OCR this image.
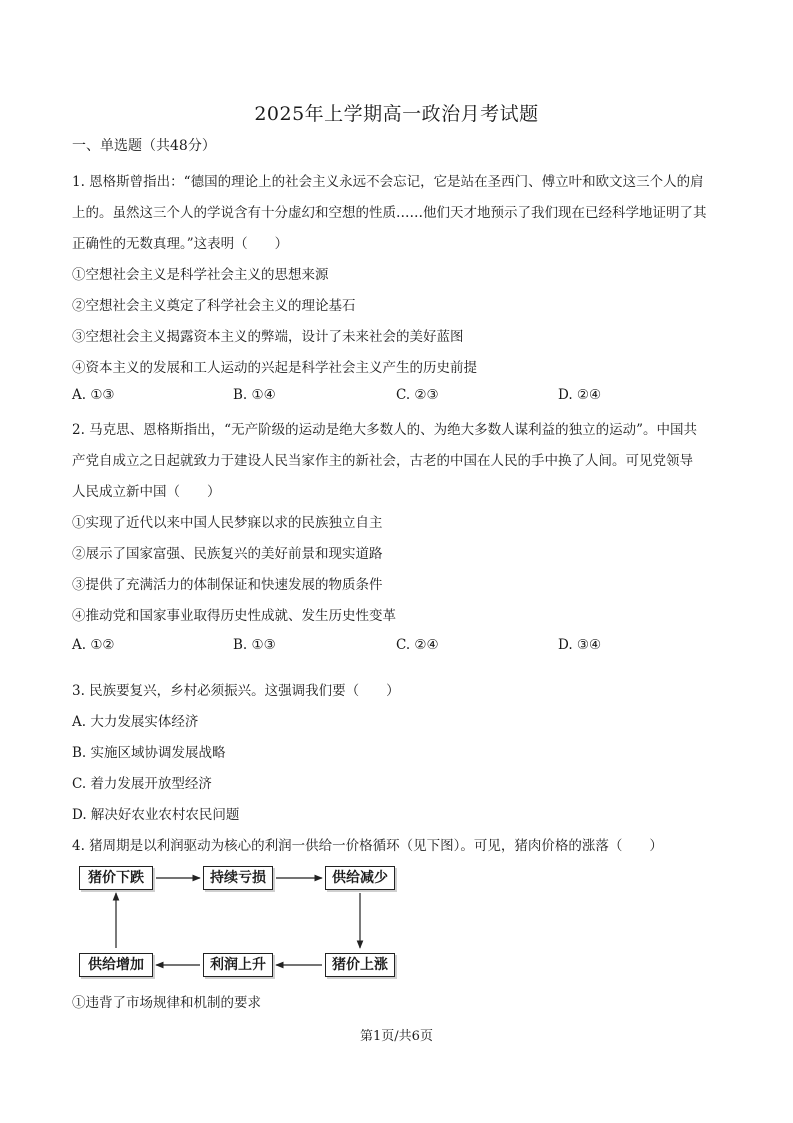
2025年上学期高一政治月考试题
一、单选题（共48分）
1. 恩格斯曾指出：“德国的理论上的社会主义永远不会忘记，它是站在圣西门、傅立叶和欧文这三个人的肩
上的。虽然这三个人的学说含有十分虚幻和空想的性质……他们天才地预示了我们现在已经科学地证明了其
正确性的无数真理。”这表明（　　）
①空想社会主义是科学社会主义的思想来源
②空想社会主义奠定了科学社会主义的理论基石
③空想社会主义揭露资本主义的弊端，设计了未来社会的美好蓝图
④资本主义的发展和工人运动的兴起是科学社会主义产生的历史前提
A. ①③	B. ①④	C. ②③	D. ②④
2. 马克思、恩格斯指出，“无产阶级的运动是绝大多数人的、为绝大多数人谋利益的独立的运动”。中国共
产党自成立之日起就致力于建设人民当家作主的新社会，古老的中国在人民的手中换了人间。可见党领导
人民成立新中国（　　）
①实现了近代以来中国人民梦寐以求的民族独立自主
②展示了国家富强、民族复兴的美好前景和现实道路
③提供了充满活力的体制保证和快速发展的物质条件
④推动党和国家事业取得历史性成就、发生历史性变革
A. ①②	B. ①③	C. ②④	D. ③④
3. 民族要复兴，乡村必须振兴。这强调我们要（　　）
A. 大力发展实体经济
B. 实施区域协调发展战略
C. 着力发展开放型经济
D. 解决好农业农村农民问题
4. 猪周期是以利润驱动为核心的利润一供给一价格循环（见下图）。可见，猪肉价格的涨落（　　）
猪价下跌	持续亏损	供给减少
猪价上涨
利润上升
供给增加
①违背了市场规律和机制的要求
第1页/共6页
